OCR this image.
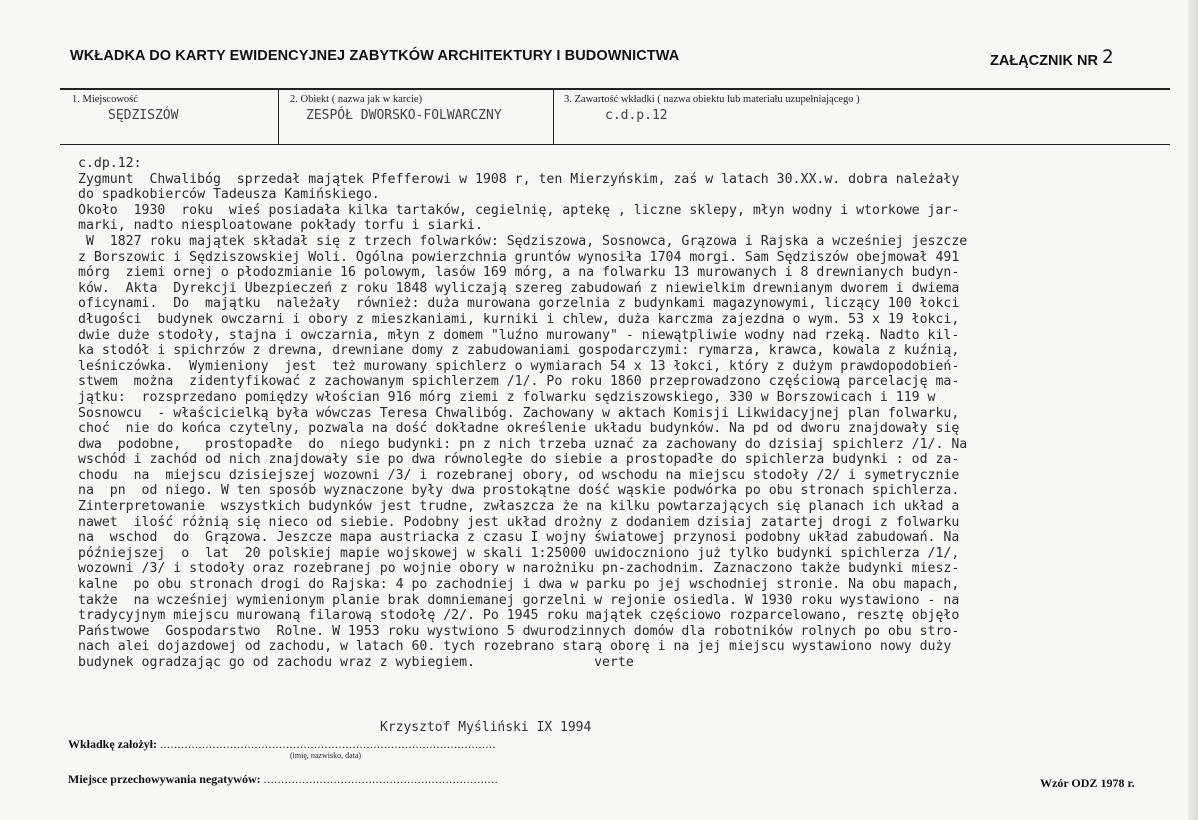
WKŁADKA DO KARTY EWIDENCYJNEJ ZABYTKÓW ARCHITEKTURY I BUDOWNICTWA	ZAŁĄCZNIK NR 2
1. Miejscowość
SĘDZISZÓW
2. Obiekt ( nazwa jak w karcie)
ZESPÓŁ DWORSKO-FOLWARCZNY
3. Zawartość wkładki ( nazwa obiektu lub materiału uzupełniającego )
c.d.p.12
c.dp.12:
Zygmunt  Chwalibóg  sprzedał majątek Pfefferowi w 1908 r, ten Mierzyńskim, zaś w latach 30.XX.w. dobra należały
do spadkobierców Tadeusza Kamińskiego.
Około  1930  roku  wieś posiadała kilka tartaków, cegielnię, aptekę , liczne sklepy, młyn wodny i wtorkowe jar-
marki, nadto niesploatowane pokłady torfu i siarki.
W  1827 roku majątek składał się z trzech folwarków: Sędziszowa, Sosnowca, Grązowa i Rajska a wcześniej jeszcze
z Borszowic i Sędziszowskiej Woli. Ogólna powierzchnia gruntów wynosiła 1704 morgi. Sam Sędziszów obejmował 491
mórg  ziemi ornej o płodozmianie 16 polowym, lasów 169 mórg, a na folwarku 13 murowanych i 8 drewnianych budyn-
ków.  Akta  Dyrekcji Ubezpieczeń z roku 1848 wyliczają szereg zabudowań z niewielkim drewnianym dworem i dwiema
oficynami.  Do  majątku  należały  również: duża murowana gorzelnia z budynkami magazynowymi, liczący 100 łokci
długości  budynek owczarni i obory z mieszkaniami, kurniki i chlew, duża karczma zajezdna o wym. 53 x 19 łokci,
dwie duże stodoły, stajna i owczarnia, młyn z domem "luźno murowany" - niewątpliwie wodny nad rzeką. Nadto kil-
ka stodół i spichrzów z drewna, drewniane domy z zabudowaniami gospodarczymi: rymarza, krawca, kowala z kuźnią,
leśniczówka.  Wymieniony  jest  też murowany spichlerz o wymiarach 54 x 13 łokci, który z dużym prawdopodobień-
stwem  można  zidentyfikować z zachowanym spichlerzem /1/. Po roku 1860 przeprowadzono częściową parcelację ma-
jątku:  rozsprzedano pomiędzy włościan 916 mórg ziemi z folwarku sędziszowskiego, 330 w Borszowicach i 119 w
Sosnowcu  - właścicielką była wówczas Teresa Chwalibóg. Zachowany w aktach Komisji Likwidacyjnej plan folwarku,
choć  nie do końca czytelny, pozwala na dość dokładne określenie układu budynków. Na pd od dworu znajdowały się
dwa  podobne,   prostopadłe  do  niego budynki: pn z nich trzeba uznać za zachowany do dzisiaj spichlerz /1/. Na
wschód i zachód od nich znajdowały sie po dwa równoległe do siebie a prostopadłe do spichlerza budynki : od za-
chodu  na  miejscu dzisiejszej wozowni /3/ i rozebranej obory, od wschodu na miejscu stodoły /2/ i symetrycznie
na  pn  od niego. W ten sposób wyznaczone były dwa prostokątne dość wąskie podwórka po obu stronach spichlerza.
Zinterpretowanie  wszystkich budynków jest trudne, zwłaszcza że na kilku powtarzających się planach ich układ a
nawet  ilość różnią się nieco od siebie. Podobny jest układ drożny z dodaniem dzisiaj zatartej drogi z folwarku
na  wschod  do  Grązowa. Jeszcze mapa austriacka z czasu I wojny światowej przynosi podobny układ zabudowań. Na
późniejszej  o  lat  20 polskiej mapie wojskowej w skali 1:25000 uwidoczniono już tylko budynki spichlerza /1/,
wozowni /3/ i stodoły oraz rozebranej po wojnie obory w narożniku pn-zachodnim. Zaznaczono także budynki miesz-
kalne  po obu stronach drogi do Rajska: 4 po zachodniej i dwa w parku po jej wschodniej stronie. Na obu mapach,
także  na wcześniej wymienionym planie brak domniemanej gorzelni w rejonie osiedla. W 1930 roku wystawiono - na
tradycyjnym miejscu murowaną filarową stodołę /2/. Po 1945 roku majątek częściowo rozparcelowano, resztę objęło
Państwowe  Gospodarstwo  Rolne. W 1953 roku wystwiono 5 dwurodzinnych domów dla robotników rolnych po obu stro-
nach alei dojazdowej od zachodu, w latach 60. tych rozebrano starą oborę i na jej miejscu wystawiono nowy duży
budynek ogradzając go od zachodu wraz z wybiegiem.               verte

Krzysztof Myśliński IX 1994
Wkładkę założył: ................................................................................................
(imię, nazwisko, data)
Miejsce przechowywania negatywów: ...................................................................	Wzór ODZ 1978 r.
